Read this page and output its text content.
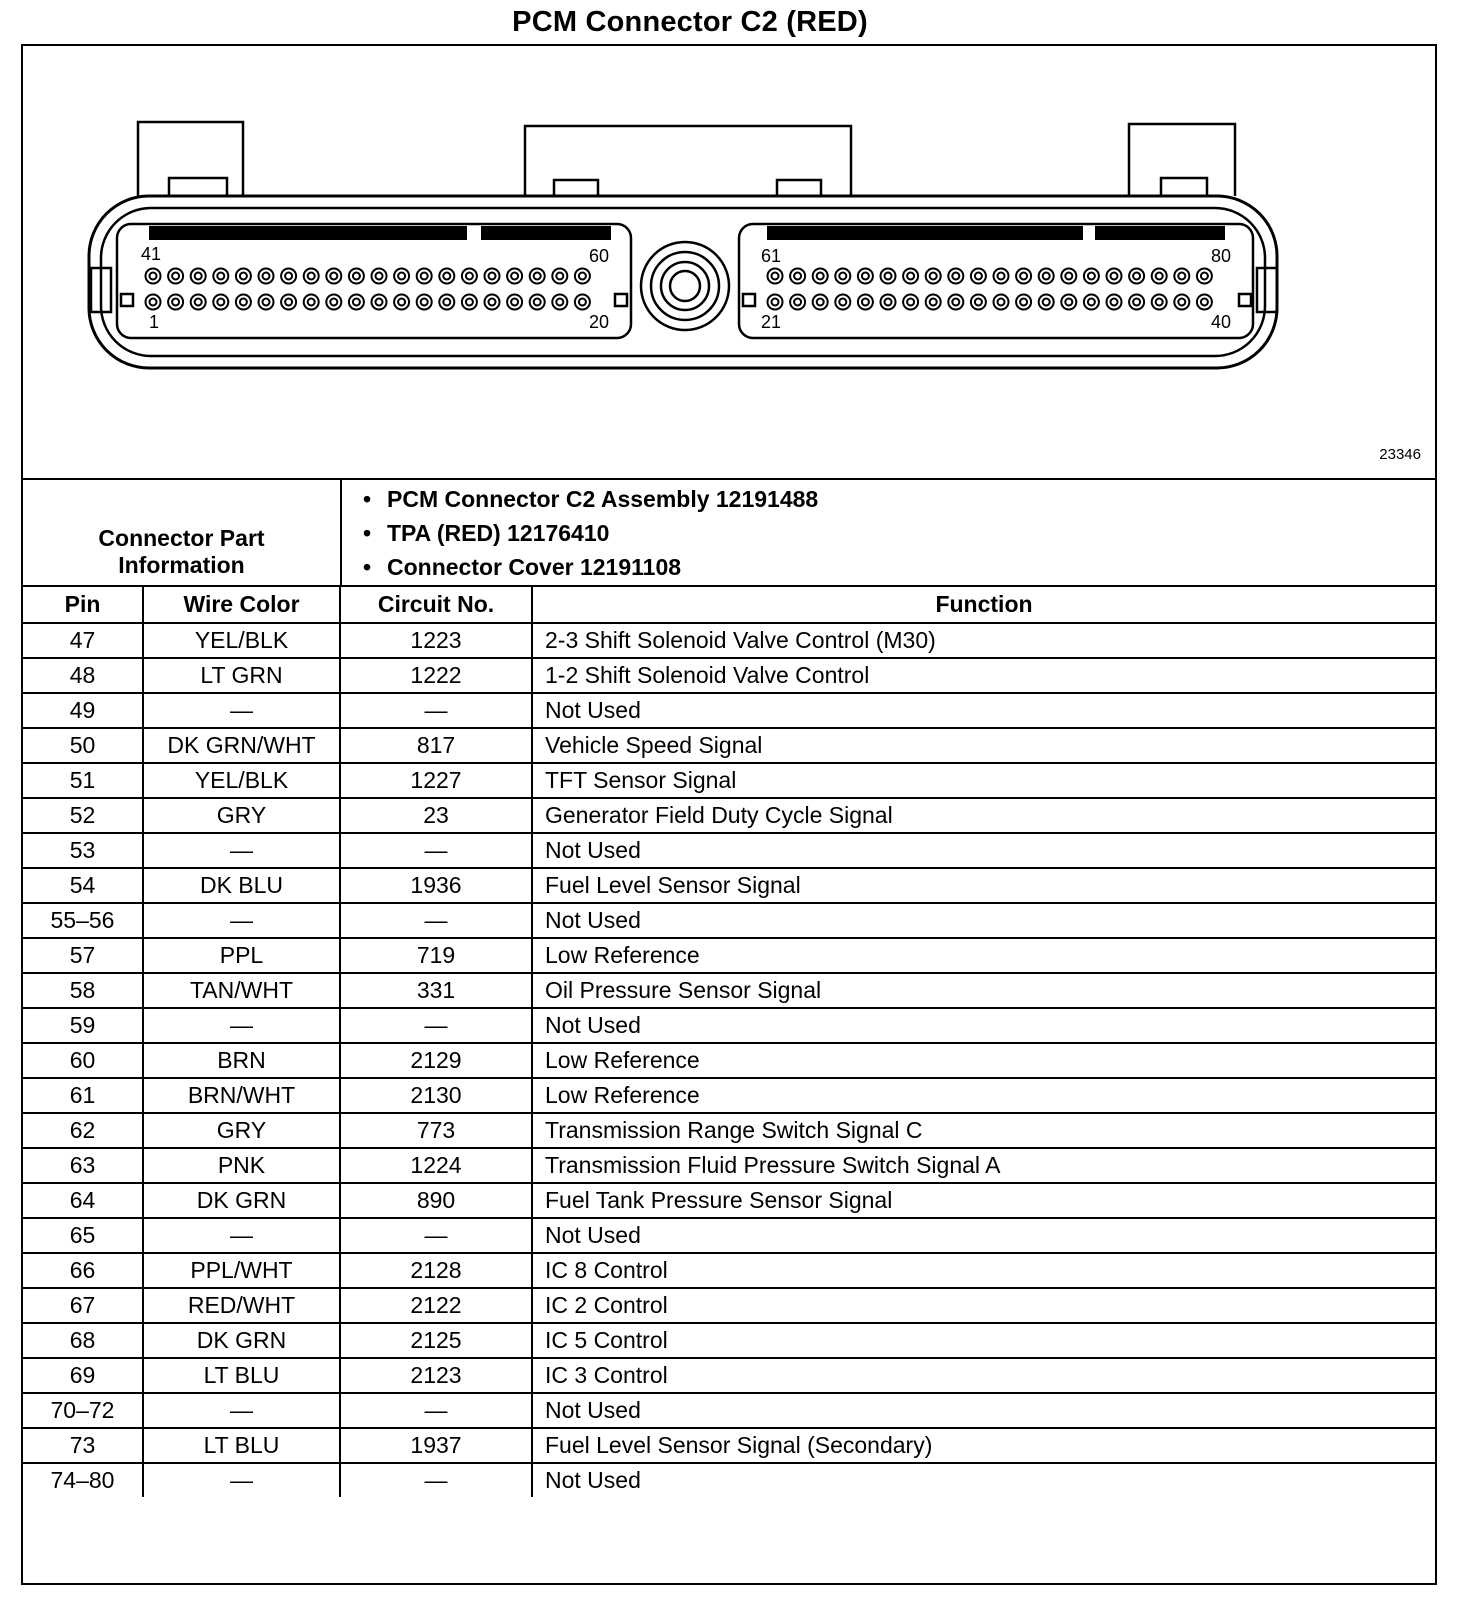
PCM Connector C2 (RED)
41	60
1	20
61	80
21	40
23346
Connector Part
Information
• PCM Connector C2 Assembly 12191488
• TPA (RED) 12176410
• Connector Cover 12191108
Pin	Wire Color	Circuit No.	Function
47	YEL/BLK	1223	2-3 Shift Solenoid Valve Control (M30)
48	LT GRN	1222	1-2 Shift Solenoid Valve Control
49	—	—	Not Used
50	DK GRN/WHT	817	Vehicle Speed Signal
51	YEL/BLK	1227	TFT Sensor Signal
52	GRY	23	Generator Field Duty Cycle Signal
53	—	—	Not Used
54	DK BLU	1936	Fuel Level Sensor Signal
55–56	—	—	Not Used
57	PPL	719	Low Reference
58	TAN/WHT	331	Oil Pressure Sensor Signal
59	—	—	Not Used
60	BRN	2129	Low Reference
61	BRN/WHT	2130	Low Reference
62	GRY	773	Transmission Range Switch Signal C
63	PNK	1224	Transmission Fluid Pressure Switch Signal A
64	DK GRN	890	Fuel Tank Pressure Sensor Signal
65	—	—	Not Used
66	PPL/WHT	2128	IC 8 Control
67	RED/WHT	2122	IC 2 Control
68	DK GRN	2125	IC 5 Control
69	LT BLU	2123	IC 3 Control
70–72	—	—	Not Used
73	LT BLU	1937	Fuel Level Sensor Signal (Secondary)
74–80	—	—	Not Used
